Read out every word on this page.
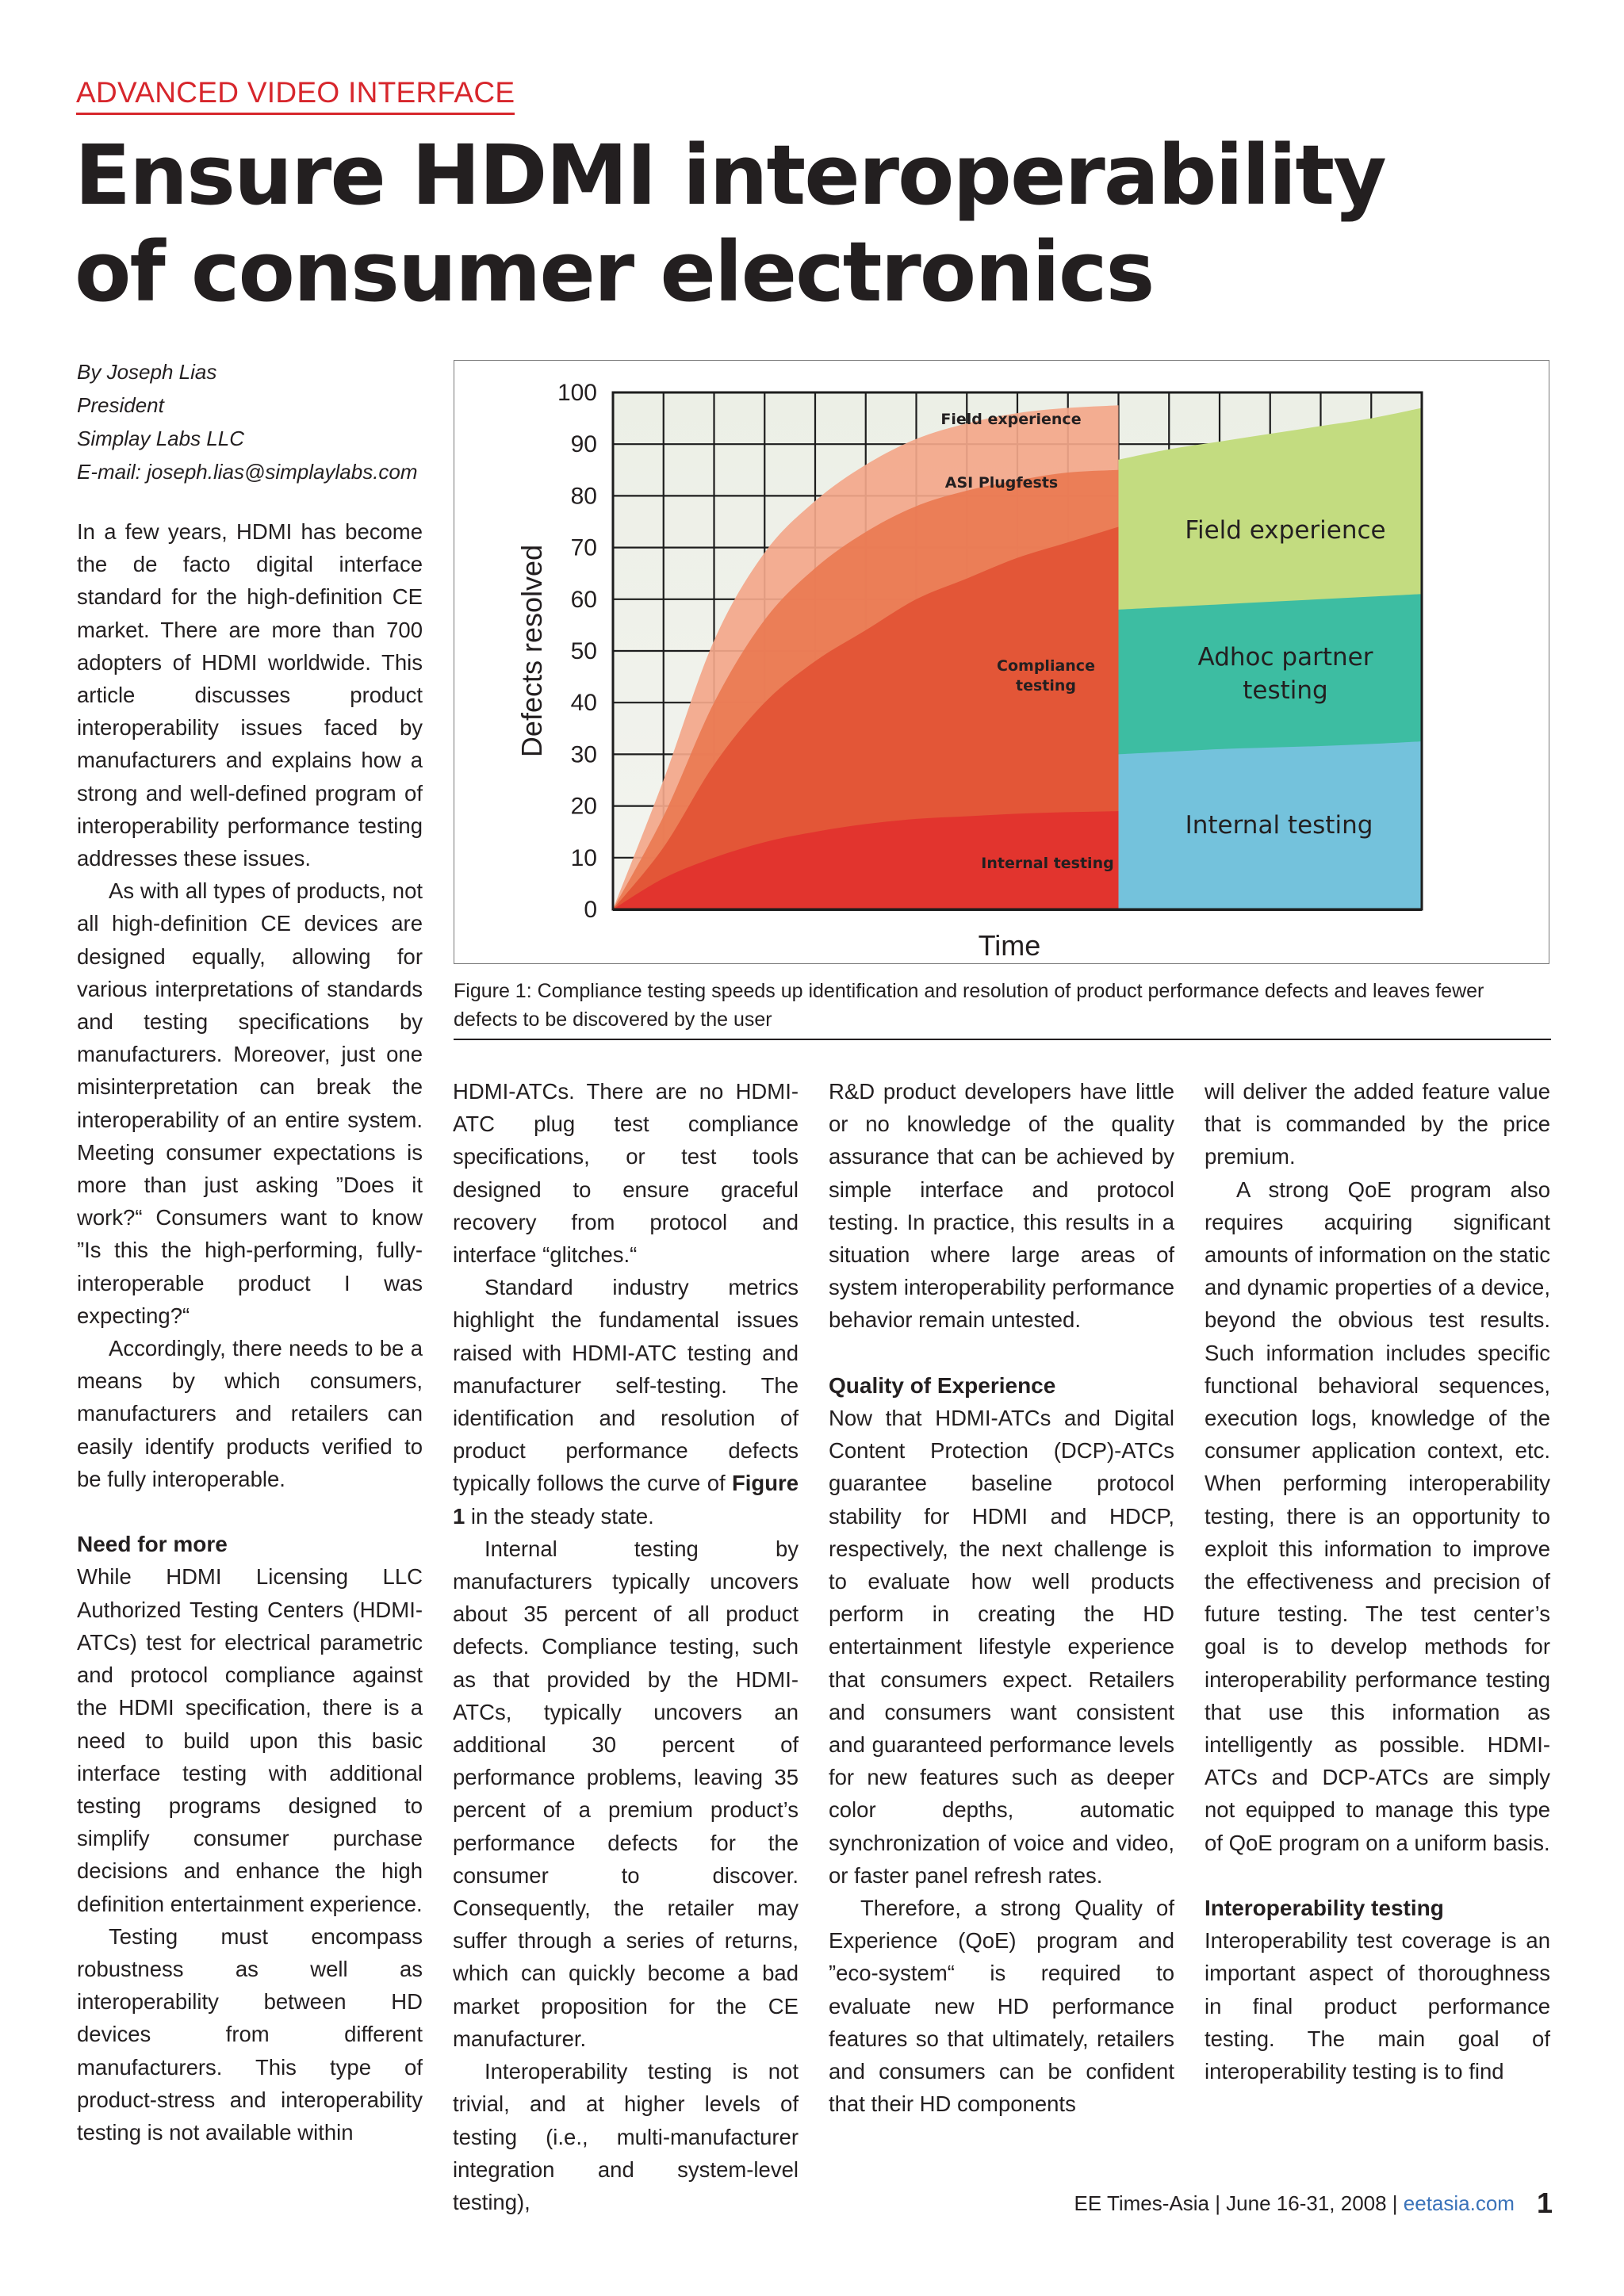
ADVANCED VIDEO INTERFACE
Ensure HDMI interoperability
of consumer electronics
By Joseph Lias
President
Simplay Labs LLC
E-mail: joseph.lias@simplaylabs.com

In a few years, HDMI has become the de facto digital interface standard for the high-definition CE market. There are more than 700 adopters of HDMI worldwide. This article discusses product interoperability issues faced by manufacturers and explains how a strong and well-defined program of interoperability performance testing addresses these issues.

As with all types of products, not all high-definition CE devices are designed equally, allowing for various interpretations of standards and testing specifications by manufacturers. Moreover, just one misinterpretation can break the interoperability of an entire system. Meeting consumer expectations is more than just asking ”Does it work?“ Consumers want to know ”Is this the high-performing, fully-interoperable product I was expecting?“

Accordingly, there needs to be a means by which consumers, manufacturers and retailers can easily identify products verified to be fully interoperable.

Need for more

While HDMI Licensing LLC Authorized Testing Centers (HDMI-ATCs) test for electrical parametric and protocol compliance against the HDMI specification, there is a need to build upon this basic interface testing with additional testing programs designed to simplify consumer purchase decisions and enhance the high definition entertainment experience.

Testing must encompass robustness as well as interoperability between HD devices from different manufacturers. This type of product-stress and interoperability testing is not available within

0
10
20
30
40
50
60
70
80
90
100
Defects resolved
Time
Field experience
ASI Plugfests
Compliance
testing
Internal testing
Field experience
Adhoc partner
testing
Internal testing
Figure 1: Compliance testing speeds up identification and resolution of product performance defects and leaves fewer defects to be discovered by the user

HDMI-ATCs. There are no HDMI-ATC plug test compliance specifications, or test tools designed to ensure graceful recovery from protocol and interface “glitches.“

Standard industry metrics highlight the fundamental issues raised with HDMI-ATC testing and manufacturer self-testing. The identification and resolution of product performance defects typically follows the curve of Figure 1 in the steady state.

Internal testing by manufacturers typically uncovers about 35 percent of all product defects. Compliance testing, such as that provided by the HDMI-ATCs, typically uncovers an additional 30 percent of performance problems, leaving 35 percent of a premium product’s performance defects for the consumer to discover. Consequently, the retailer may suffer through a series of returns, which can quickly become a bad market proposition for the CE manufacturer.

Interoperability testing is not trivial, and at higher levels of testing (i.e., multi-manufacturer integration and system-level testing),

R&D product developers have little or no knowledge of the quality assurance that can be achieved by simple interface and protocol testing. In practice, this results in a situation where large areas of system interoperability performance behavior remain untested.

Quality of Experience

Now that HDMI-ATCs and Digital Content Protection (DCP)-ATCs guarantee baseline protocol stability for HDMI and HDCP, respectively, the next challenge is to evaluate how well products perform in creating the HD entertainment lifestyle experience that consumers expect. Retailers and consumers want consistent and guaranteed performance levels for new features such as deeper color depths, automatic synchronization of voice and video, or faster panel refresh rates.

Therefore, a strong Quality of Experience (QoE) program and ”eco-system“ is required to evaluate new HD performance features so that ultimately, retailers and consumers can be confident that their HD components

will deliver the added feature value that is commanded by the price premium.

A strong QoE program also requires acquiring significant amounts of information on the static and dynamic properties of a device, beyond the obvious test results. Such information includes specific functional behavioral sequences, execution logs, knowledge of the consumer application context, etc. When performing interoperability testing, there is an opportunity to exploit this information to improve the effectiveness and precision of future testing. The test center’s goal is to develop methods for interoperability performance testing that use this information as intelligently as possible. HDMI-ATCs and DCP-ATCs are simply not equipped to manage this type of QoE program on a uniform basis.

Interoperability testing

Interoperability test coverage is an important aspect of thoroughness in final product performance testing. The main goal of interoperability testing is to find

EE Times-Asia | June 16-31, 2008 | eetasia.com 1
